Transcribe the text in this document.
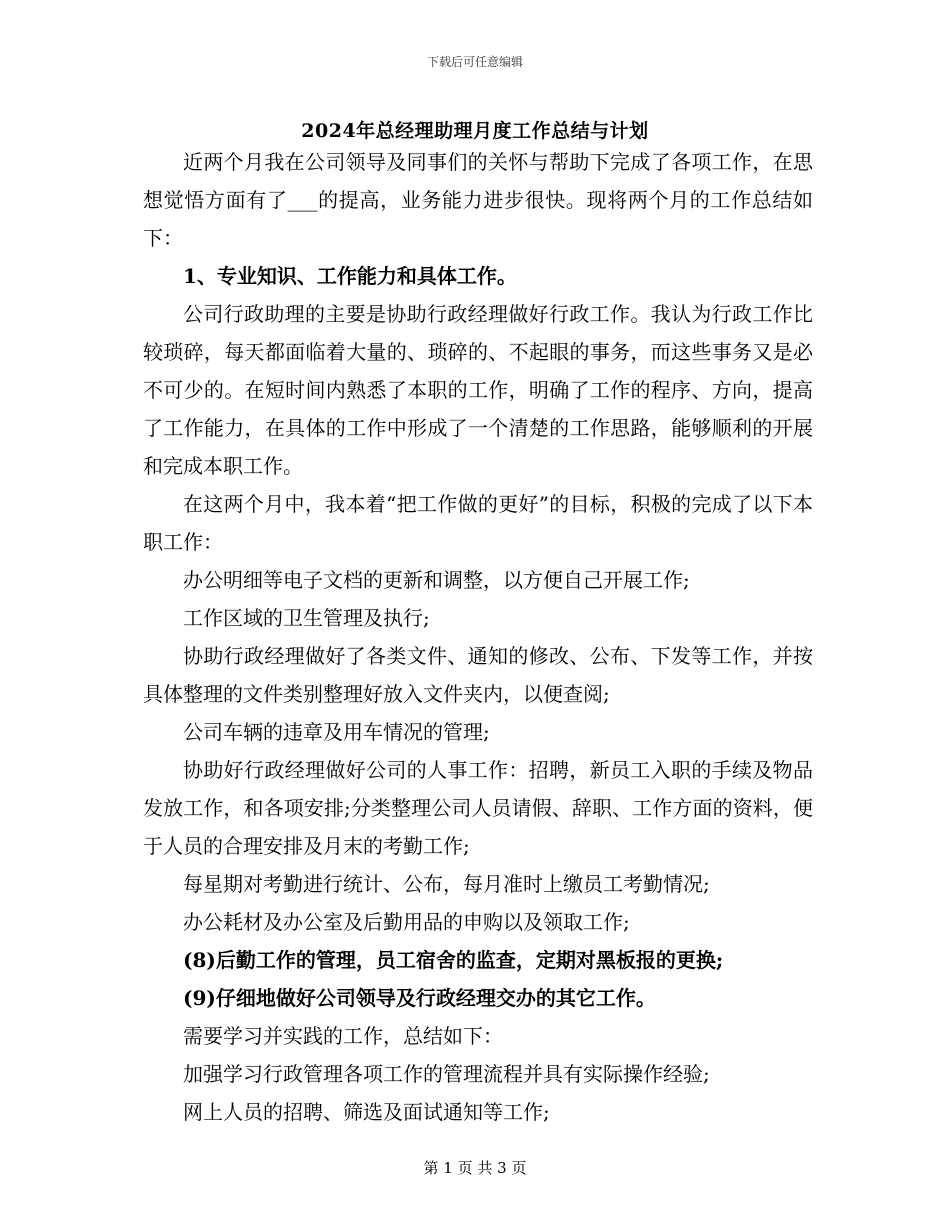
下载后可任意编辑
2024年总经理助理月度工作总结与计划

近两个月我在公司领导及同事们的关怀与帮助下完成了各项工作，在思想觉悟方面有了___的提高，业务能力进步很快。现将两个月的工作总结如下：

1、专业知识、工作能力和具体工作。

公司行政助理的主要是协助行政经理做好行政工作。我认为行政工作比较琐碎，每天都面临着大量的、琐碎的、不起眼的事务，而这些事务又是必不可少的。在短时间内熟悉了本职的工作，明确了工作的程序、方向，提高了工作能力，在具体的工作中形成了一个清楚的工作思路，能够顺利的开展和完成本职工作。

在这两个月中，我本着“把工作做的更好”的目标，积极的完成了以下本职工作：

办公明细等电子文档的更新和调整，以方便自己开展工作;

工作区域的卫生管理及执行;

协助行政经理做好了各类文件、通知的修改、公布、下发等工作，并按具体整理的文件类别整理好放入文件夹内，以便查阅;

公司车辆的违章及用车情况的管理;

协助好行政经理做好公司的人事工作：招聘，新员工入职的手续及物品发放工作，和各项安排;分类整理公司人员请假、辞职、工作方面的资料，便于人员的合理安排及月末的考勤工作;

每星期对考勤进行统计、公布，每月准时上缴员工考勤情况;

办公耗材及办公室及后勤用品的申购以及领取工作;

(8)后勤工作的管理，员工宿舍的监查，定期对黑板报的更换;

(9)仔细地做好公司领导及行政经理交办的其它工作。

需要学习并实践的工作，总结如下：

加强学习行政管理各项工作的管理流程并具有实际操作经验;

网上人员的招聘、筛选及面试通知等工作;

第 1 页 共 3 页
